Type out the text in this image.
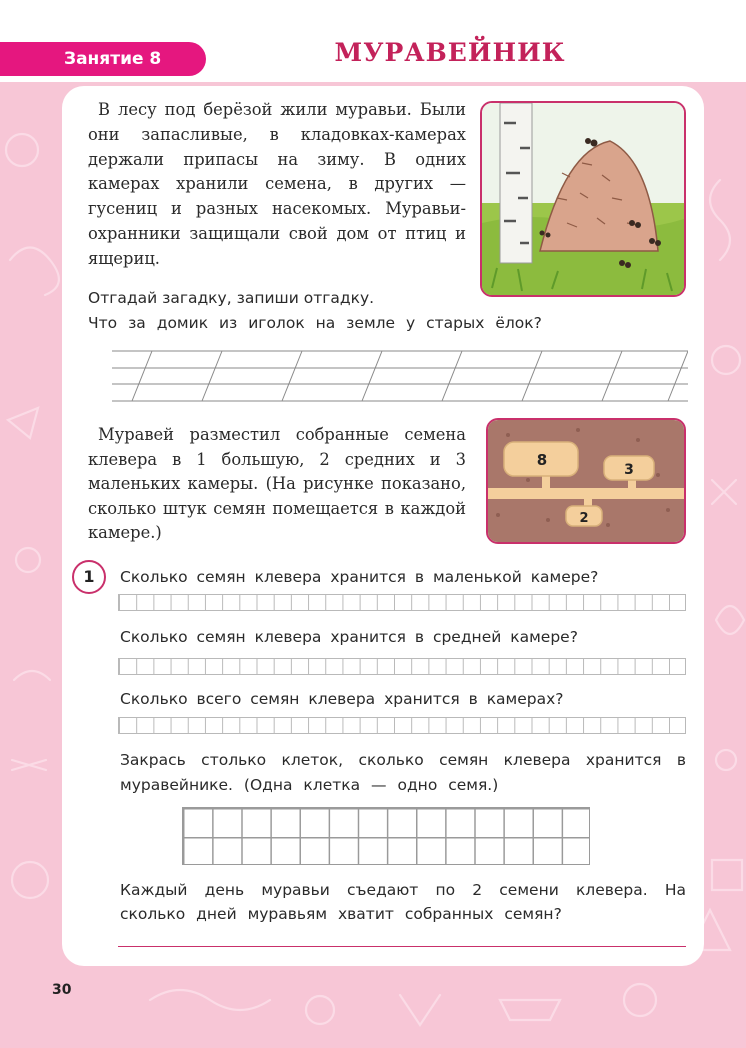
Занятие 8	МУРАВЕЙНИК

В лесу под берёзой жили муравьи. Были они запасливые, в кладовках-камерах держали припасы на зиму. В одних камерах хранили семена, в других — гусениц и разных насекомых. Муравьи-охранники защищали свой дом от птиц и ящериц.

Отгадай загадку, запиши отгадку.
Что за домик из иголок на земле у старых ёлок?

Муравей разместил собранные семена клевера в 1 большую, 2 средних и 3 маленьких камеры. (На рисунке показано, сколько штук семян помещается в каждой камере.)

8
3
2
1	Сколько семян клевера хранится в маленькой камере?
Сколько семян клевера хранится в средней камере?
Сколько всего семян клевера хранится в камерах?
Закрась столько клеток, сколько семян клевера хранится в муравейнике. (Одна клетка — одно семя.)
Каждый день муравьи съедают по 2 семени клевера. На сколько дней муравьям хватит собранных семян?
30
